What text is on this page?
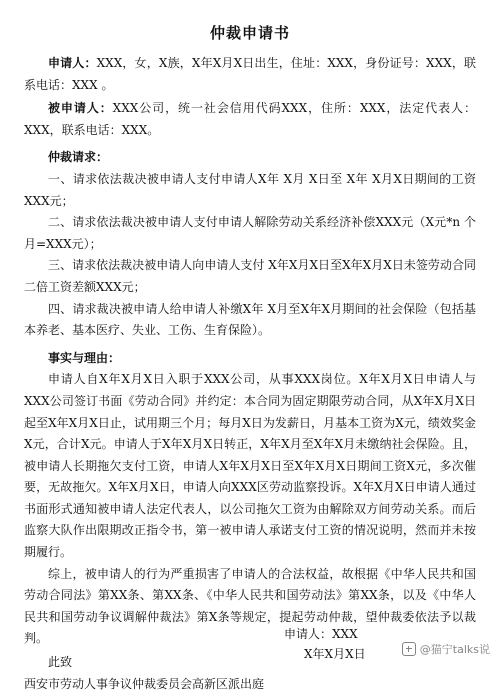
仲裁申请书

申请人：XXX，女，X族，X年X月X日出生，住址：XXX，身份证号：XXX，联系电话：XXX 。

被申请人：XXX公司，统一社会信用代码XXX，住所：XXX，法定代表人：XXX，联系电话：XXX。

仲裁请求：

一、请求依法裁决被申请人支付申请人X年 X月 X日至 X年 X月X日期间的工资XXX元；

二、请求依法裁决被申请人支付申请人解除劳动关系经济补偿XXX元（X元*n 个月=XXX元）；

三、请求依法裁决被申请人向申请人支付 X年X月X日至X年X月X日未签劳动合同二倍工资差额XXX元；

四、请求裁决被申请人给申请人补缴X年 X月至X年X月期间的社会保险（包括基本养老、基本医疗、失业、工伤、生育保险）。

事实与理由：

申请人自X年X月X日入职于XXX公司，从事XXX岗位。X年X月X日申请人与XXX公司签订书面《劳动合同》并约定：本合同为固定期限劳动合同，从X年X月X日起至X年X月X日止，试用期三个月；每月X日为发薪日，月基本工资为X元，绩效奖金X元，合计X元。申请人于X年X月X日转正，X年X月至X年X月未缴纳社会保险。且，被申请人长期拖欠支付工资，申请人X年X月X日至X年X月X日期间工资X元，多次催要，无故拖欠。X年X月X日，申请人向XXX区劳动监察投诉。X年X月X日申请人通过书面形式通知被申请人法定代表人，以公司拖欠工资为由解除双方间劳动关系。而后监察大队作出限期改正指令书，第一被申请人承诺支付工资的情况说明，然而并未按期履行。

综上，被申请人的行为严重损害了申请人的合法权益，故根据《中华人民共和国劳动合同法》第XX条、第XX条、《中华人民共和国劳动法》第XX条，以及《中华人民共和国劳动争议调解仲裁法》第X条等规定，提起劳动仲裁，望仲裁委依法予以裁判。

此致

西安市劳动人事争议仲裁委员会高新区派出庭

申请人：XXX
X年X月X日	@猫宁talks说
